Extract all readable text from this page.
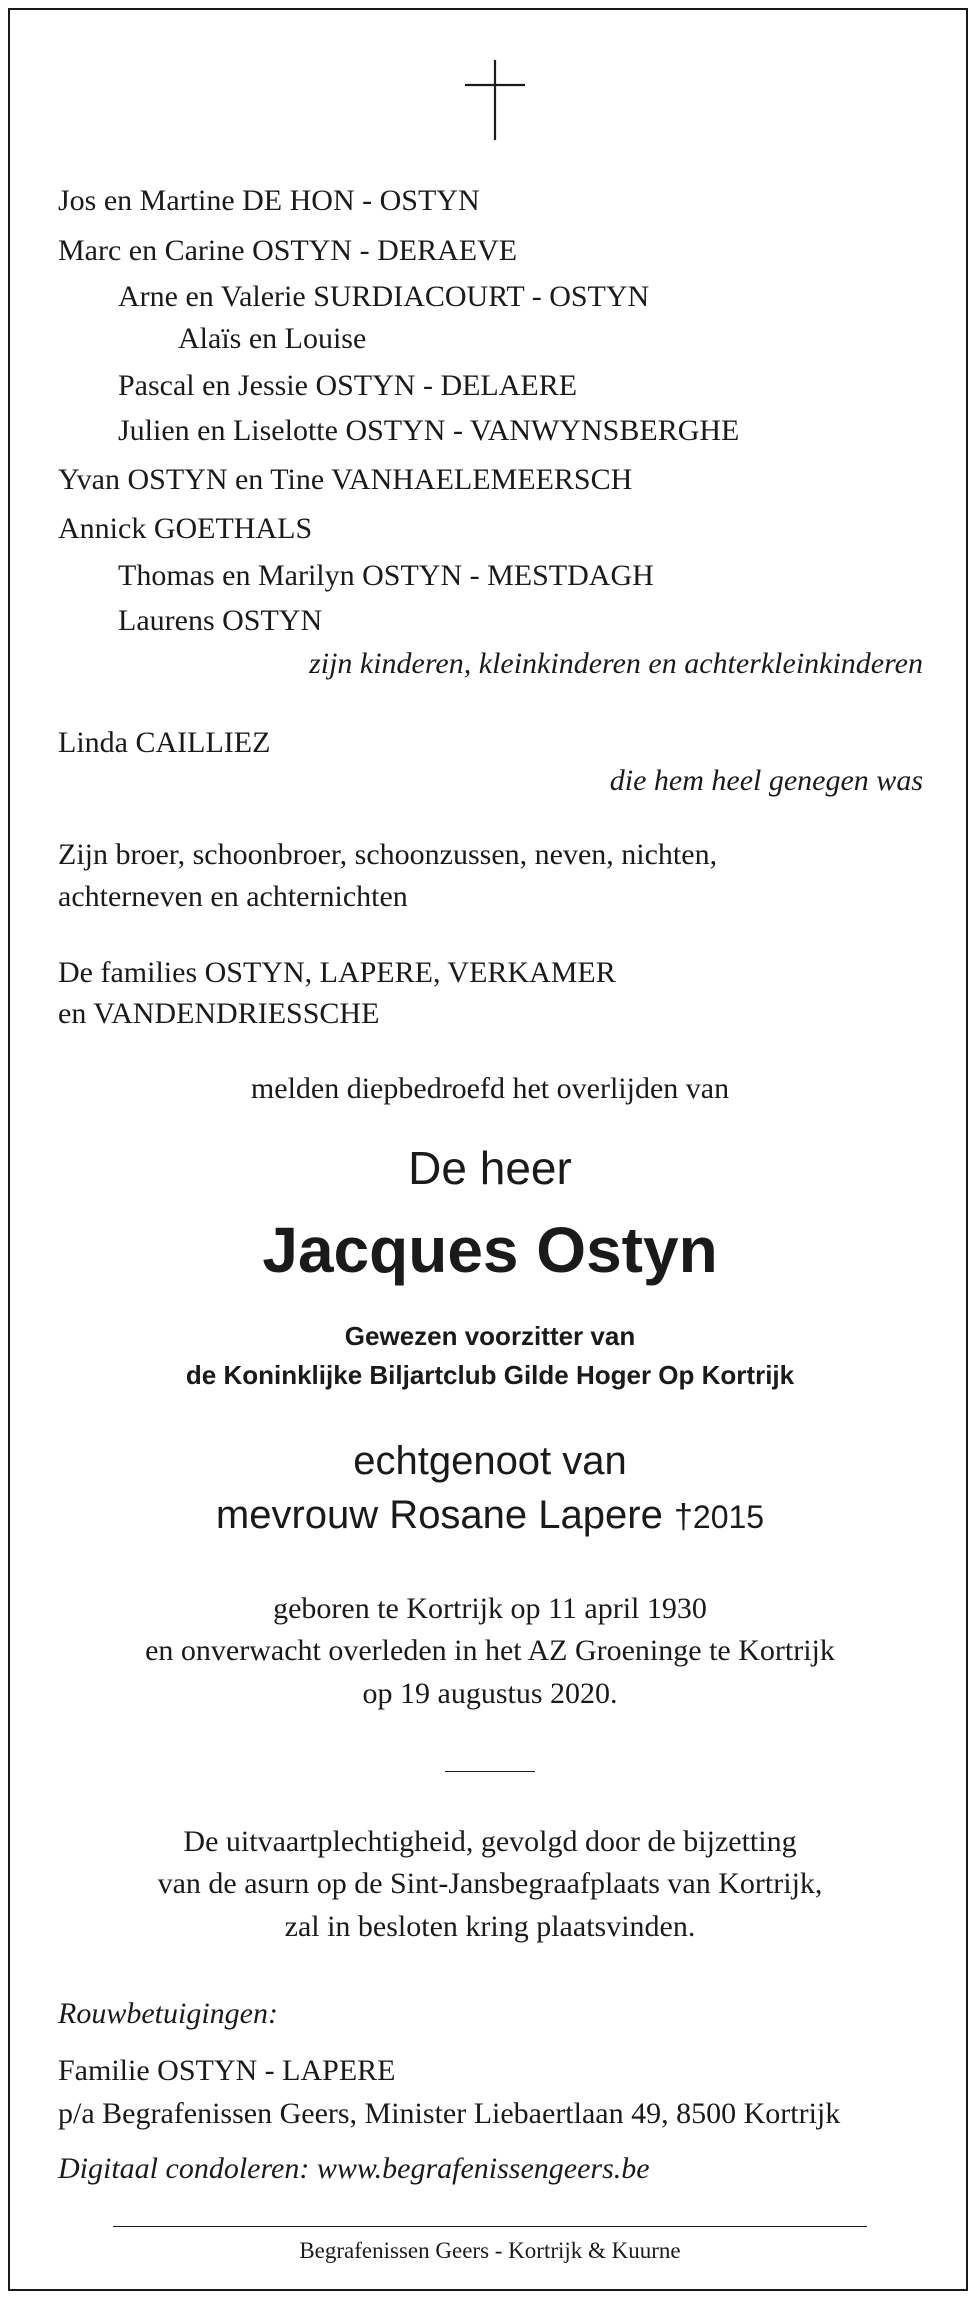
Jos en Martine DE HON - OSTYN
Marc en Carine OSTYN - DERAEVE
Arne en Valerie SURDIACOURT - OSTYN
Alaïs en Louise
Pascal en Jessie OSTYN - DELAERE
Julien en Liselotte OSTYN - VANWYNSBERGHE
Yvan OSTYN en Tine VANHAELEMEERSCH
Annick GOETHALS
Thomas en Marilyn OSTYN - MESTDAGH
Laurens OSTYN
zijn kinderen, kleinkinderen en achterkleinkinderen
Linda CAILLIEZ
die hem heel genegen was
Zijn broer, schoonbroer, schoonzussen, neven, nichten,
achterneven en achternichten
De families OSTYN, LAPERE, VERKAMER
en VANDENDRIESSCHE
melden diepbedroefd het overlijden van
De heer
Jacques Ostyn
Gewezen voorzitter van
de Koninklijke Biljartclub Gilde Hoger Op Kortrijk
echtgenoot van
mevrouw Rosane Lapere †2015
geboren te Kortrijk op 11 april 1930
en onverwacht overleden in het AZ Groeninge te Kortrijk
op 19 augustus 2020.
De uitvaartplechtigheid, gevolgd door de bijzetting
van de asurn op de Sint-Jansbegraafplaats van Kortrijk,
zal in besloten kring plaatsvinden.
Rouwbetuigingen:
Familie OSTYN - LAPERE
p/a Begrafenissen Geers, Minister Liebaertlaan 49, 8500 Kortrijk
Digitaal condoleren: www.begrafenissengeers.be
Begrafenissen Geers - Kortrijk & Kuurne
